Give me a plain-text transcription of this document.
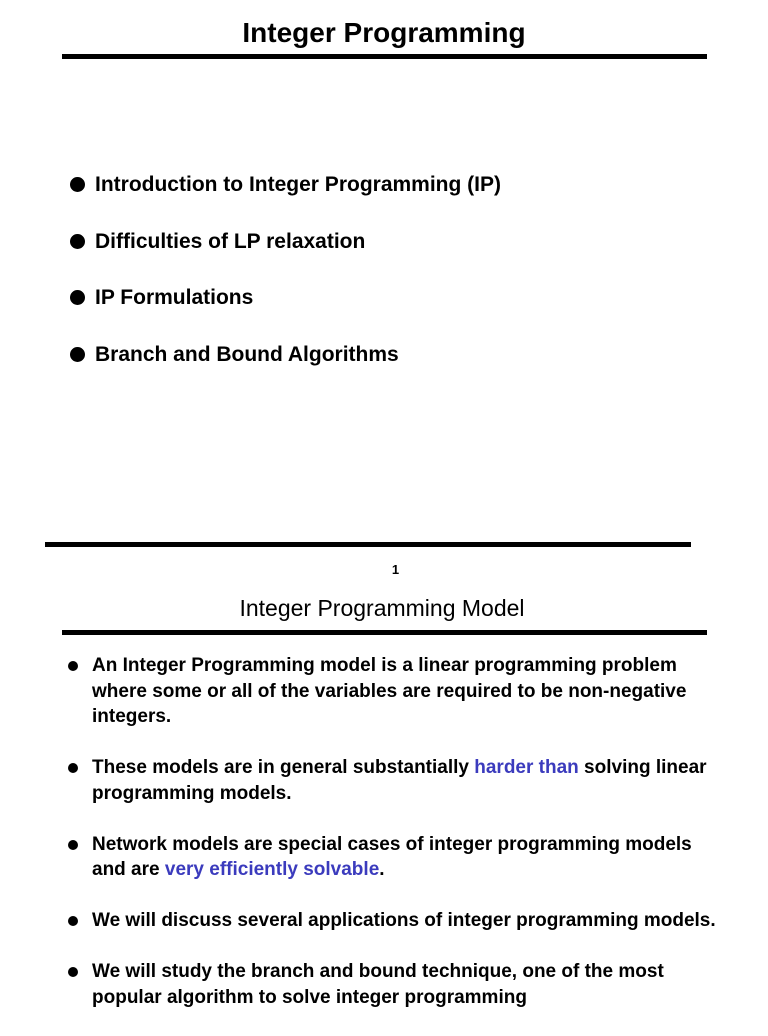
Integer Programming
Introduction to Integer Programming (IP)
Difficulties of LP relaxation
IP Formulations
Branch and Bound Algorithms
1
Integer Programming Model
An Integer Programming model is a linear programming problem where some or all of the variables are required to be non-negative integers.
These models are in general substantially harder than solving linear programming models.
Network models are special cases of integer programming models and are very efficiently solvable.
We will discuss several applications of integer programming models.
We will study the branch and bound technique, one of the most popular algorithm to solve integer programming
